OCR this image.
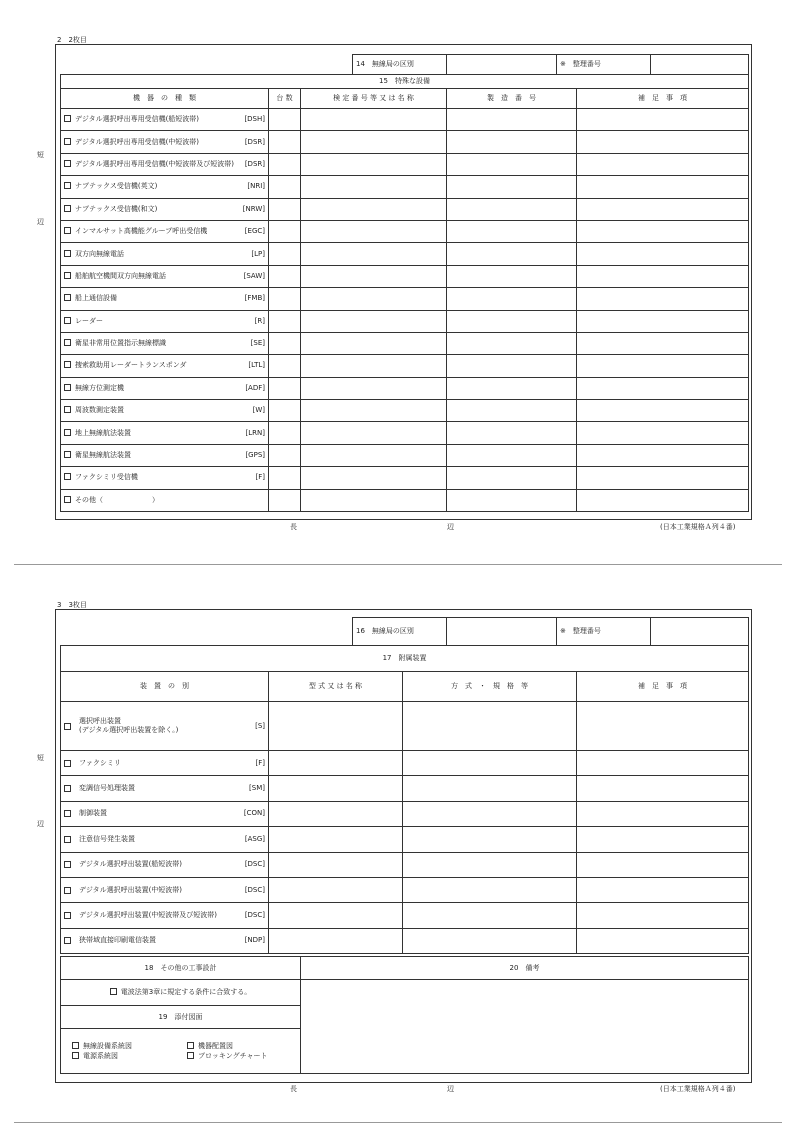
2　2枚目
短
辺
14　無線局の区別		※　整理番号	
15　特殊な設備				
機　器　の　種　類	台 数	検 定 番 号 等 又 は 名 称	製　造　番　号	補　足　事　項

デジタル選択呼出専用受信機(船短波帯) [DSH]				

デジタル選択呼出専用受信機(中短波帯) [DSR]				

デジタル選択呼出専用受信機(中短波帯及び短波帯) [DSR]				

ナブテックス受信機(英文) [NRI]				

ナブテックス受信機(和文) [NRW]				

インマルサット高機能グループ呼出受信機 [EGC]				

双方向無線電話 [LP]				

船舶航空機間双方向無線電話 [SAW]				

船上通信設備 [FMB]				

レーダー [R]				

衛星非常用位置指示無線標識 [SE]				

捜索救助用レーダートランスポンダ [LTL]				

無線方位測定機 [ADF]				

周波数測定装置 [W]				

地上無線航法装置 [LRN]				

衛星無線航法装置 [GPS]				

ファクシミリ受信機 [F]				

その他（　　　　　　　）				

長	辺	(日本工業規格Ａ列４番)
3　3枚目
短
辺
16　無線局の区別		※　整理番号	
17　附属装置			
装　置　の　別	型 式 又 は 名 称	方　式　・　規　格　等	補　足　事　項

選択呼出装置
(デジタル選択呼出装置を除く。)
[S]			

ファクシミリ [F]			

変調信号処理装置 [SM]			

制御装置 [CON]			

注意信号発生装置 [ASG]			

デジタル選択呼出装置(船短波帯) [DSC]			

デジタル選択呼出装置(中短波帯) [DSC]			

デジタル選択呼出装置(中短波帯及び短波帯) [DSC]			

狭帯域直接印刷電信装置 [NDP]			

18　その他の工事設計	20　備考
電波法第3章に規定する条件に合致する。	
19　添付図面	

無線設備系統図 機器配置図
電源系統図 ブロッキングチャート	
長	辺	(日本工業規格Ａ列４番)
